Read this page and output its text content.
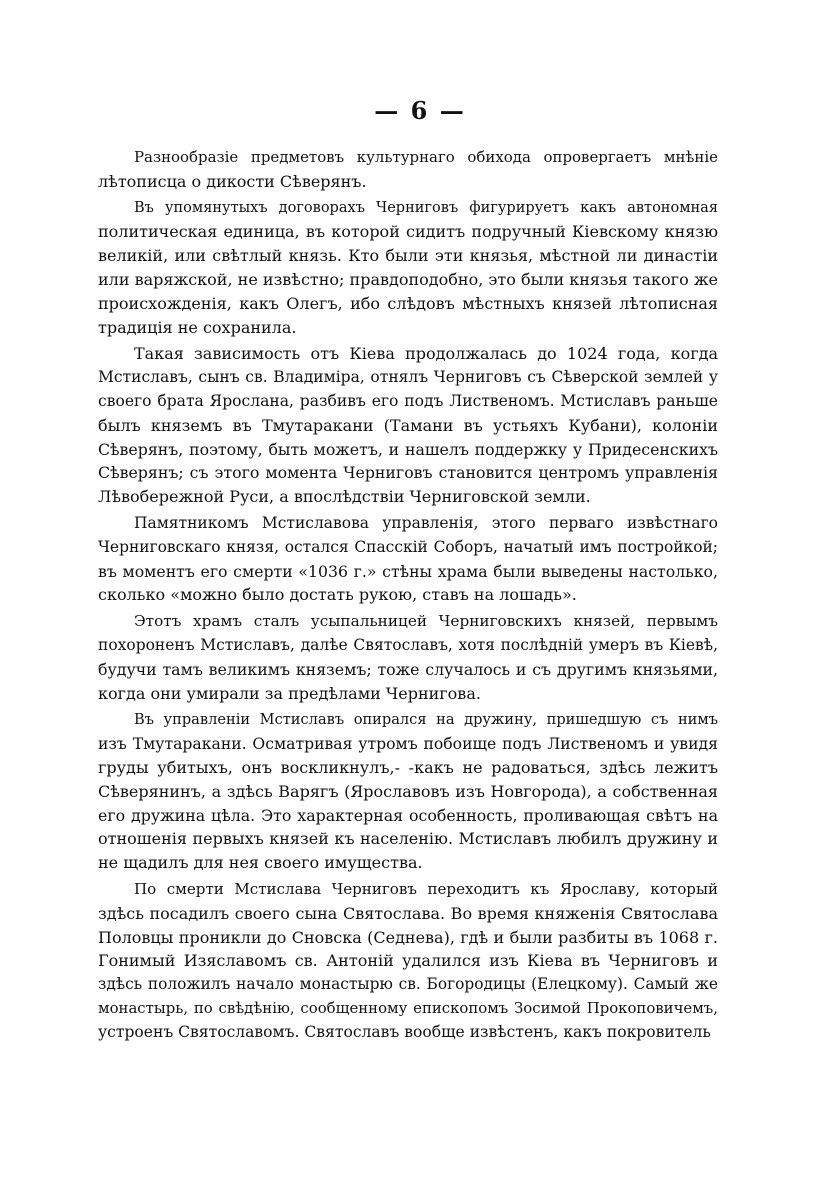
— 6 —
Разнообразіе предметовъ культурнаго обихода опровергаетъ мнѣніе
лѣтописца о дикости Сѣверянъ.
Въ упомянутыхъ договорахъ Черниговъ фигурируетъ какъ автономная
политическая единица, въ которой сидитъ подручный Кіевскому князю
великій, или свѣтлый князь. Кто были эти князья, мѣстной ли династіи
или варяжской, не извѣстно; правдоподобно, это были князья такого же
происхожденія, какъ Олегъ, ибо слѣдовъ мѣстныхъ князей лѣтописная
традиція не сохранила.
Такая зависимость отъ Кіева продолжалась до 1024 года, когда
Мстиславъ, сынъ св. Владиміра, отнялъ Черниговъ съ Сѣверской землей у
своего брата Ярослана, разбивъ его подъ Лиственомъ. Мстиславъ раньше
былъ княземъ въ Тмутаракани (Тамани въ устьяхъ Кубани), колоніи
Сѣверянъ, поэтому, быть можетъ, и нашелъ поддержку у Придесенскихъ
Сѣверянъ; съ этого момента Черниговъ становится центромъ управленія
Лѣвобережной Руси, а впослѣдствіи Черниговской земли.
Памятникомъ Мстиславова управленія, этого перваго извѣстнаго
Черниговскаго князя, остался Спасскій Соборъ, начатый имъ постройкой;
въ моментъ его смерти «1036 г.» стѣны храма были выведены настолько,
сколько «можно было достать рукою, ставъ на лошадь».
Этотъ храмъ сталъ усыпальницей Черниговскихъ князей, первымъ
похороненъ Мстиславъ, далѣе Святославъ, хотя послѣдній умеръ въ Кіевѣ,
будучи тамъ великимъ княземъ; тоже случалось и съ другимъ князьями,
когда они умирали за предѣлами Чернигова.
Въ управленіи Мстиславъ опирался на дружину, пришедшую съ нимъ
изъ Тмутаракани. Осматривая утромъ побоище подъ Лиственомъ и увидя
груды убитыхъ, онъ воскликнулъ,- -какъ не радоваться, здѣсь лежитъ
Сѣверянинъ, а здѣсь Варягъ (Ярославовъ изъ Новгорода), а собственная
его дружина цѣла. Это характерная особенность, проливающая свѣтъ на
отношенія первыхъ князей къ населенію. Мстиславъ любилъ дружину и
не щадилъ для нея своего имущества.
По смерти Мстислава Черниговъ переходитъ къ Ярославу, который
здѣсь посадилъ своего сына Святослава. Во время княженія Святослава
Половцы проникли до Сновска (Седнева), гдѣ и были разбиты въ 1068 г.
Гонимый Изяславомъ св. Антоній удалился изъ Кіева въ Черниговъ и
здѣсь положилъ начало монастырю св. Богородицы (Елецкому). Самый же
монастырь, по свѣдѣнію, сообщенному епископомъ Зосимой Прокоповичемъ,
устроенъ Святославомъ. Святославъ вообще извѣстенъ, какъ покровитель
